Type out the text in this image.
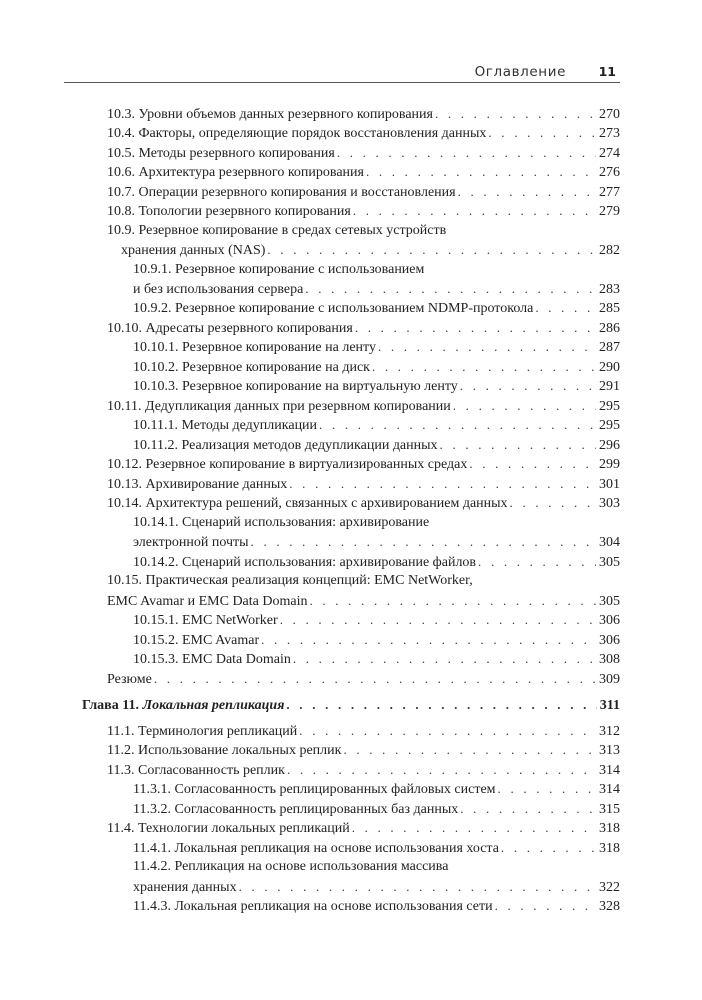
Оглавление	11
10.3. Уровни объемов данных резервного копирования . . .	270
10.4. Факторы, определяющие порядок восстановления данных . . .	273
10.5. Методы резервного копирования . . .	274
10.6. Архитектура резервного копирования . . .	276
10.7. Операции резервного копирования и восстановления . . .	277
10.8. Топологии резервного копирования . . .	279
10.9. Резервное копирование в средах сетевых устройств
хранения данных (NAS) . . .	282
10.9.1. Резервное копирование с использованием
и без использования сервера . . .	283
10.9.2. Резервное копирование с использованием NDMP-протокола . . .	285
10.10. Адресаты резервного копирования . . .	286
10.10.1. Резервное копирование на ленту . . .	287
10.10.2. Резервное копирование на диск . . .	290
10.10.3. Резервное копирование на виртуальную ленту . . .	291
10.11. Дедупликация данных при резервном копировании . . .	295
10.11.1. Методы дедупликации . . .	295
10.11.2. Реализация методов дедупликации данных . . .	296
10.12. Резервное копирование в виртуализированных средах . . .	299
10.13. Архивирование данных . . .	301
10.14. Архитектура решений, связанных с архивированием данных . . .	303
10.14.1. Сценарий использования: архивирование
электронной почты . . .	304
10.14.2. Сценарий использования: архивирование файлов . . .	305
10.15. Практическая реализация концепций: EMC NetWorker,
EMC Avamar и EMC Data Domain . . .	305
10.15.1. EMC NetWorker . . .	306
10.15.2. EMC Avamar . . .	306
10.15.3. EMC Data Domain . . .	308
Резюме . . .	309
Глава 11. Локальная репликация . . .	311
11.1. Терминология репликаций . . .	312
11.2. Использование локальных реплик . . .	313
11.3. Согласованность реплик . . .	314
11.3.1. Согласованность реплицированных файловых систем . . .	314
11.3.2. Согласованность реплицированных баз данных . . .	315
11.4. Технологии локальных репликаций . . .	318
11.4.1. Локальная репликация на основе использования хоста . . .	318
11.4.2. Репликация на основе использования массива
хранения данных . . .	322
11.4.3. Локальная репликация на основе использования сети . . .	328
